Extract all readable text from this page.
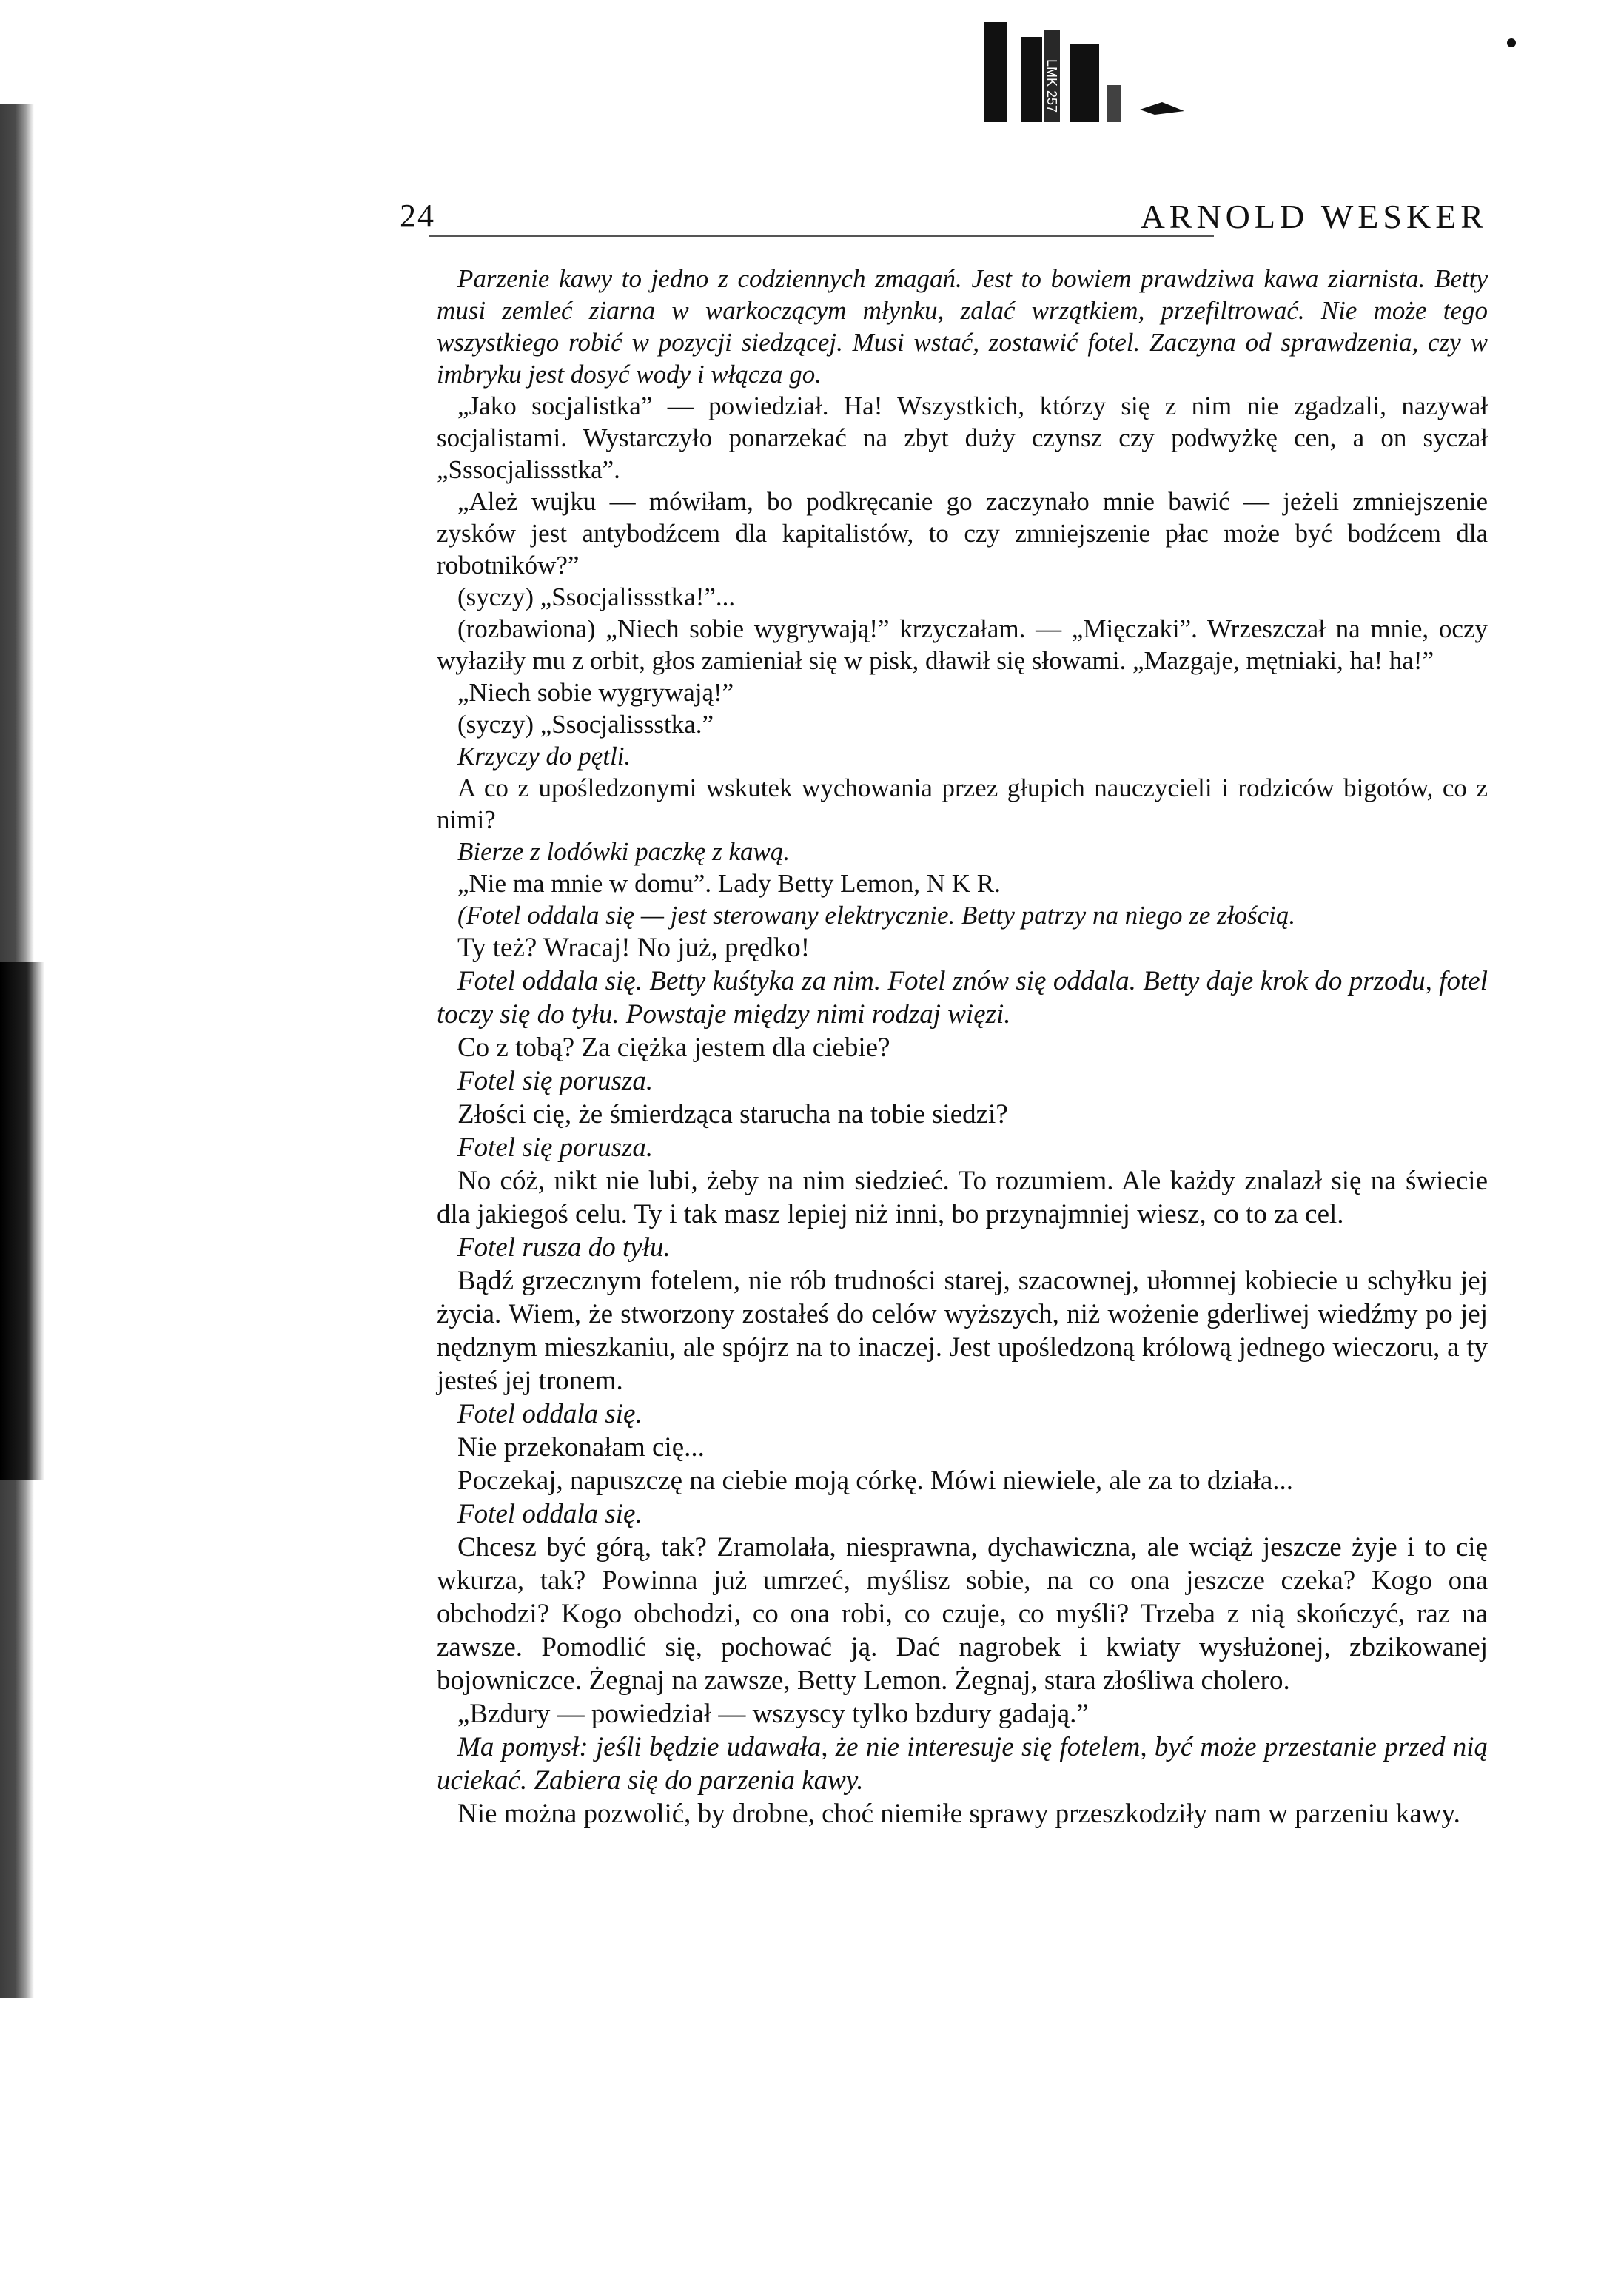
LMK 257
24	ARNOLD WESKER

Parzenie kawy to jedno z codziennych zmagań. Jest to bowiem prawdziwa kawa ziarnista. Betty musi zemleć ziarna w warkoczącym młynku, zalać wrzątkiem, przefiltrować. Nie może tego wszystkiego robić w pozycji siedzącej. Musi wstać, zostawić fotel. Zaczyna od sprawdzenia, czy w imbryku jest dosyć wody i włącza go.

„Jako socjalistka” — powiedział. Ha! Wszystkich, którzy się z nim nie zgadzali, nazywał socjalistami. Wystarczyło ponarzekać na zbyt duży czynsz czy podwyżkę cen, a on syczał „Sssocjalissstka”.

„Ależ wujku — mówiłam, bo podkręcanie go zaczynało mnie bawić — jeżeli zmniejszenie zysków jest antybodźcem dla kapitalistów, to czy zmniejszenie płac może być bodźcem dla robotników?”

(syczy) „Ssocjalissstka!”...

(rozbawiona) „Niech sobie wygrywają!” krzyczałam. — „Mięczaki”. Wrzeszczał na mnie, oczy wyłaziły mu z orbit, głos zamieniał się w pisk, dławił się słowami. „Mazgaje, mętniaki, ha! ha!”

„Niech sobie wygrywają!”

(syczy) „Ssocjalissstka.”

Krzyczy do pętli.

A co z upośledzonymi wskutek wychowania przez głupich nauczycieli i rodziców bigotów, co z nimi?

Bierze z lodówki paczkę z kawą.

„Nie ma mnie w domu”. Lady Betty Lemon, N K R.

(Fotel oddala się — jest sterowany elektrycznie. Betty patrzy na niego ze złością.

Ty też? Wracaj! No już, prędko!

Fotel oddala się. Betty kuśtyka za nim. Fotel znów się oddala. Betty daje krok do przodu, fotel toczy się do tyłu. Powstaje między nimi rodzaj więzi.

Co z tobą? Za ciężka jestem dla ciebie?

Fotel się porusza.

Złości cię, że śmierdząca starucha na tobie siedzi?

Fotel się porusza.

No cóż, nikt nie lubi, żeby na nim siedzieć. To rozumiem. Ale każdy znalazł się na świecie dla jakiegoś celu. Ty i tak masz lepiej niż inni, bo przynajmniej wiesz, co to za cel.

Fotel rusza do tyłu.

Bądź grzecznym fotelem, nie rób trudności starej, szacownej, ułomnej kobiecie u schyłku jej życia. Wiem, że stworzony zostałeś do celów wyższych, niż wożenie gderliwej wiedźmy po jej nędznym mieszkaniu, ale spójrz na to inaczej. Jest upośledzoną królową jednego wieczoru, a ty jesteś jej tronem.

Fotel oddala się.

Nie przekonałam cię...

Poczekaj, napuszczę na ciebie moją córkę. Mówi niewiele, ale za to działa...

Fotel oddala się.

Chcesz być górą, tak? Zramolała, niesprawna, dychawiczna, ale wciąż jeszcze żyje i to cię wkurza, tak? Powinna już umrzeć, myślisz sobie, na co ona jeszcze czeka? Kogo ona obchodzi? Kogo obchodzi, co ona robi, co czuje, co myśli? Trzeba z nią skończyć, raz na zawsze. Pomodlić się, pochować ją. Dać nagrobek i kwiaty wysłużonej, zbzikowanej bojowniczce. Żegnaj na zawsze, Betty Lemon. Żegnaj, stara złośliwa cholero.

„Bzdury — powiedział — wszyscy tylko bzdury gadają.”

Ma pomysł: jeśli będzie udawała, że nie interesuje się fotelem, być może przestanie przed nią uciekać. Zabiera się do parzenia kawy.

Nie można pozwolić, by drobne, choć niemiłe sprawy przeszkodziły nam w parzeniu kawy.
